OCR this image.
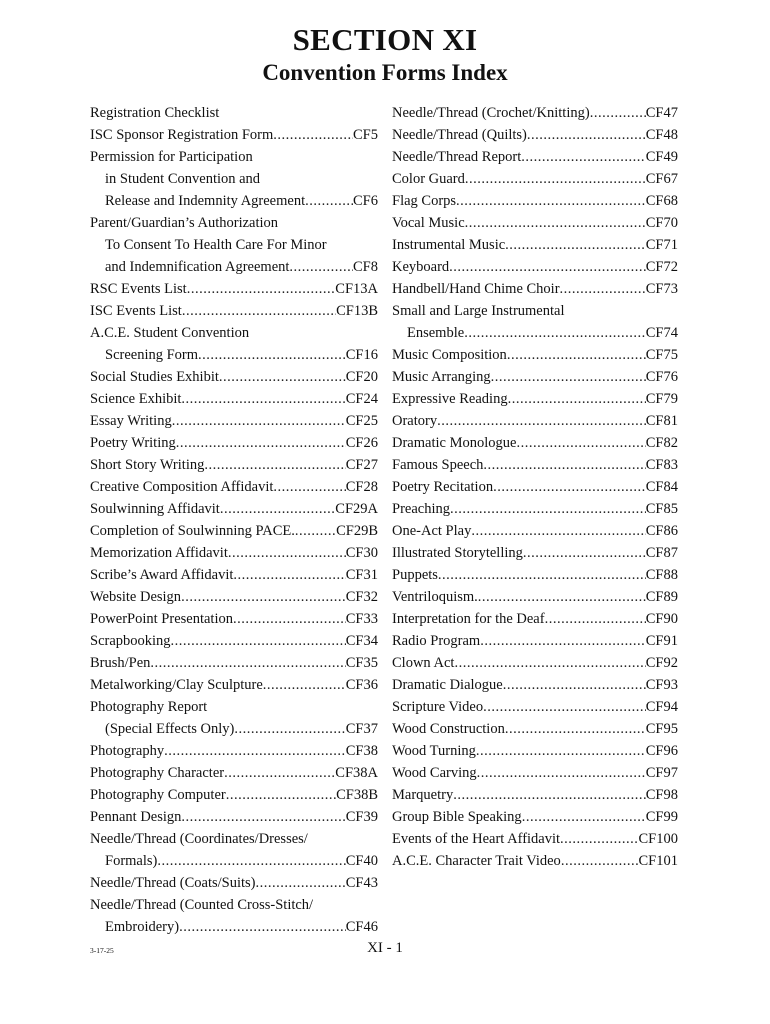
SECTION XI
Convention Forms Index
Registration Checklist
ISC Sponsor Registration Form .....	CF5
Permission for Participation
in Student Convention and
Release and Indemnity Agreement .....	CF6
Parent/Guardian’s Authorization
To Consent To Health Care For Minor
and Indemnification Agreement .....	CF8
RSC Events List .....	CF13A
ISC Events List .....	CF13B
A.C.E. Student Convention
Screening Form .....	CF16
Social Studies Exhibit .....	CF20
Science Exhibit .....	CF24
Essay Writing .....	CF25
Poetry Writing .....	CF26
Short Story Writing .....	CF27
Creative Composition Affidavit .....	CF28
Soulwinning Affidavit .....	CF29A
Completion of Soulwinning PACE. .....	CF29B
Memorization Affidavit .....	CF30
Scribe’s Award Affidavit .....	CF31
Website Design .....	CF32
PowerPoint Presentation .....	CF33
Scrapbooking .....	CF34
Brush/Pen .....	CF35
Metalworking/Clay Sculpture .....	CF36
Photography Report
(Special Effects Only) .....	CF37
Photography .....	CF38
Photography Character .....	CF38A
Photography Computer .....	CF38B
Pennant Design .....	CF39
Needle/Thread (Coordinates/Dresses/
Formals) .....	CF40
Needle/Thread (Coats/Suits) .....	CF43
Needle/Thread (Counted Cross-Stitch/
Embroidery) .....	CF46
Needle/Thread (Crochet/Knitting) .....	CF47
Needle/Thread (Quilts) .....	CF48
Needle/Thread Report .....	CF49
Color Guard .....	CF67
Flag Corps .....	CF68
Vocal Music .....	CF70
Instrumental Music .....	CF71
Keyboard .....	CF72
Handbell/Hand Chime Choir .....	CF73
Small and Large Instrumental
Ensemble .....	CF74
Music Composition .....	CF75
Music Arranging .....	CF76
Expressive Reading .....	CF79
Oratory .....	CF81
Dramatic Monologue .....	CF82
Famous Speech .....	CF83
Poetry Recitation .....	CF84
Preaching .....	CF85
One-Act Play .....	CF86
Illustrated Storytelling .....	CF87
Puppets .....	CF88
Ventriloquism. .....	CF89
Interpretation for the Deaf .....	CF90
Radio Program .....	CF91
Clown Act .....	CF92
Dramatic Dialogue .....	CF93
Scripture Video .....	CF94
Wood Construction .....	CF95
Wood Turning .....	CF96
Wood Carving .....	CF97
Marquetry .....	CF98
Group Bible Speaking .....	CF99
Events of the Heart Affidavit .....	CF100
A.C.E. Character Trait Video .....	CF101
3-17-25	XI - 1
